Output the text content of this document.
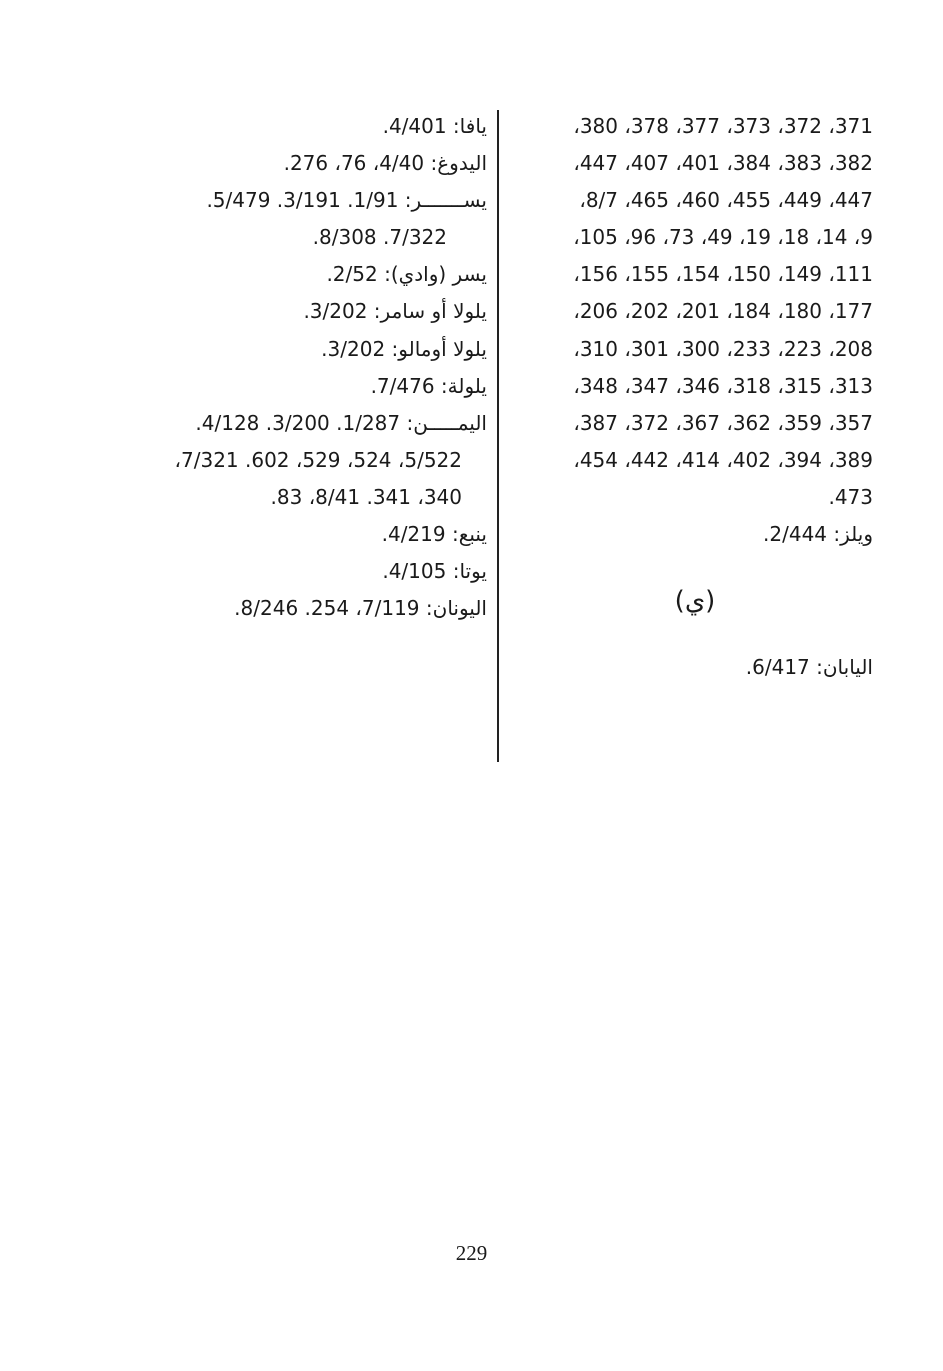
371، 372، 373، 377، 378، 380،
382، 383، 384، 401، 407، 447،
447، 449، 455، 460، 465، 8/7،
9، 14، 18، 19، 49، 73، 96، 105،
111، 149، 150، 154، 155، 156،
177، 180، 184، 201، 202، 206،
208، 223، 233، 300، 301، 310،
313، 315، 318، 346، 347، 348،
357، 359، 362، 367، 372، 387،
389، 394، 402، 414، 442، 454،
473.
ويلز: 2/444.
(ي)
اليابان: 6/417.
يافا: 4/401.
اليدوغ: 4/40، 76، 276.
يســـــــر: 1/91. 3/191. 5/479.
7/322. 8/308.
يسر (وادي): 2/52.
يلولا أو سامر: 3/202.
يلولا أومالو: 3/202.
يلولة: 7/476.
اليمـــــن: 1/287. 3/200. 4/128.
5/522، 524، 529، 602. 7/321،
340، 341. 8/41، 83.
ينبع: 4/219.
يوتا: 4/105.
اليونان: 7/119، 254. 8/246.
229
